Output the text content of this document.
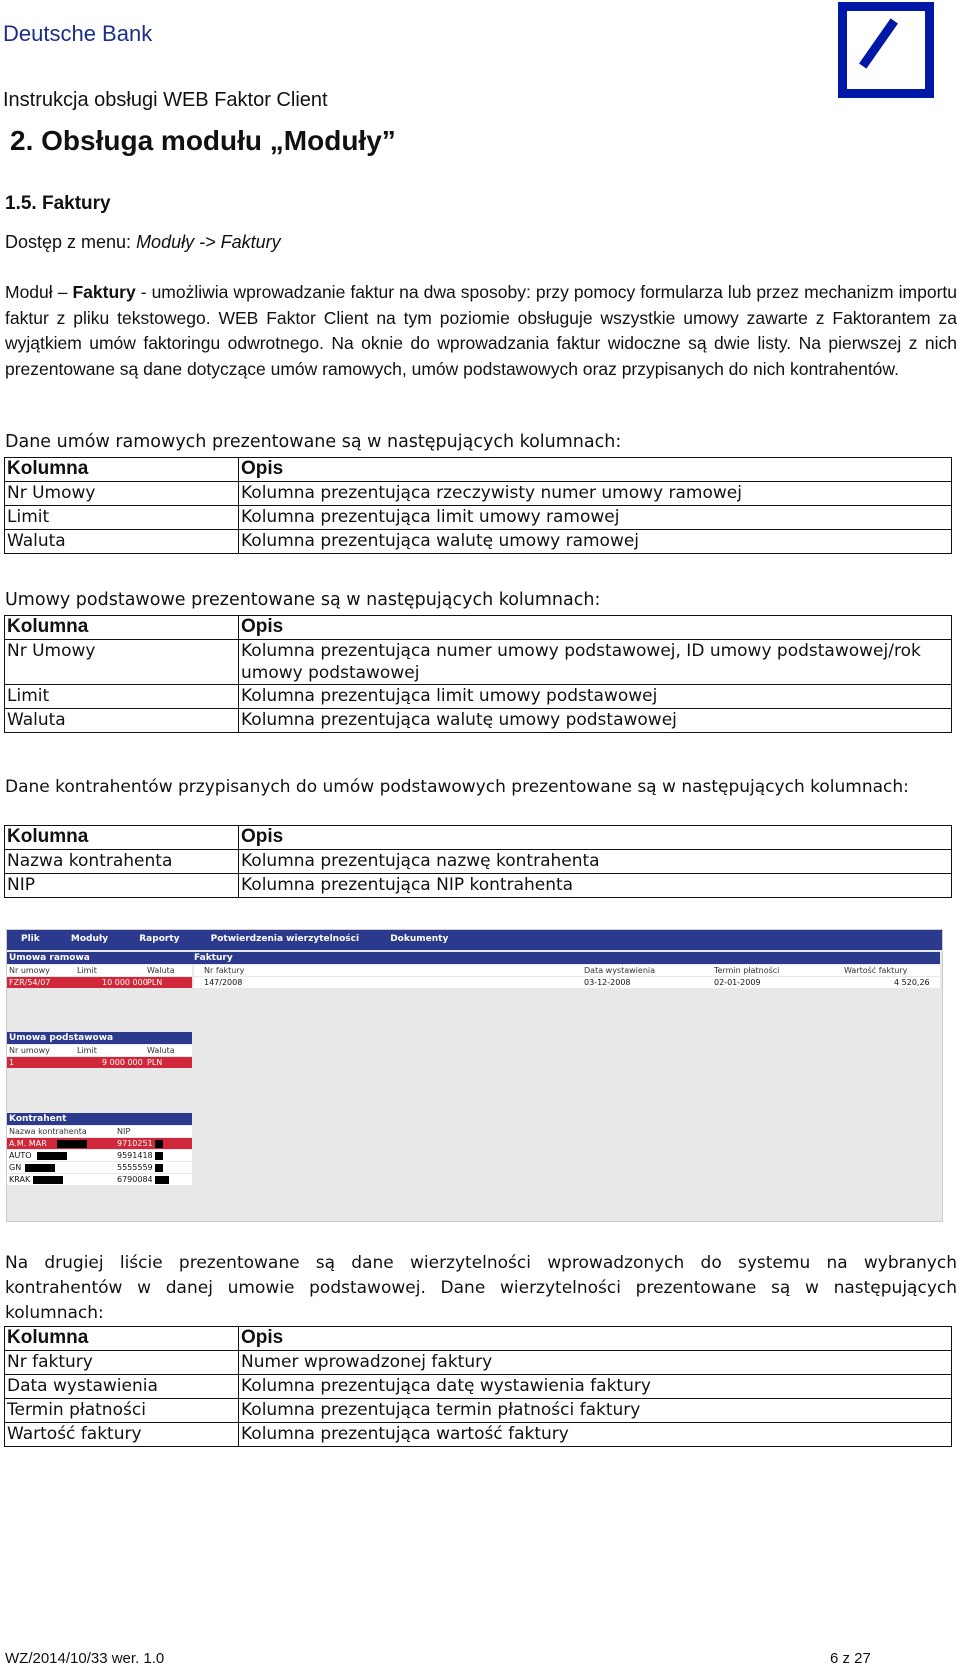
Deutsche Bank
Instrukcja obsługi WEB Faktor Client
2. Obsługa modułu „Moduły”
1.5. Faktury
Dostęp z menu: Moduły -> Faktury
Moduł – Faktury - umożliwia wprowadzanie faktur na dwa sposoby: przy pomocy formularza lub przez mechanizm importu faktur z pliku tekstowego. WEB Faktor Client na tym poziomie obsługuje wszystkie umowy zawarte z Faktorantem za wyjątkiem umów faktoringu odwrotnego. Na oknie do wprowadzania faktur widoczne są dwie listy. Na pierwszej z nich prezentowane są dane dotyczące umów ramowych, umów podstawowych oraz przypisanych do nich kontrahentów.
Dane umów ramowych prezentowane są w następujących kolumnach:
Kolumna	Opis
Nr Umowy	Kolumna prezentująca rzeczywisty numer umowy ramowej
Limit	Kolumna prezentująca limit umowy ramowej
Waluta	Kolumna prezentująca walutę umowy ramowej
Umowy podstawowe prezentowane są w następujących kolumnach:
Kolumna	Opis
Nr Umowy	Kolumna prezentująca numer umowy podstawowej, ID umowy podstawowej/rok umowy podstawowej
Limit	Kolumna prezentująca limit umowy podstawowej
Waluta	Kolumna prezentująca walutę umowy podstawowej
Dane kontrahentów przypisanych do umów podstawowych prezentowane są w następujących kolumnach:
Kolumna	Opis
Nazwa kontrahenta	Kolumna prezentująca nazwę kontrahenta
NIP	Kolumna prezentująca NIP kontrahenta
Plik	Moduły	Raporty	Potwierdzenia wierzytelności	Dokumenty
Umowa ramowa
Nr umowy	Limit	Waluta
FZR/54/07	10 000 000 PLN
Faktury
Nr faktury	Data wystawienia	Termin płatności	Wartość faktury
147/2008	03-12-2008	02-01-2009	4 520,26
Umowa podstawowa
Nr umowy	Limit	Waluta
1	9 000 000 PLN
Kontrahent
Nazwa kontrahenta	NIP
A.M. MAR	9710251
AUTO	9591418
GN	5555559
KRAK	6790084
Na drugiej liście prezentowane są dane wierzytelności wprowadzonych do systemu na wybranych kontrahentów w danej umowie podstawowej. Dane wierzytelności prezentowane są w następujących kolumnach:
Kolumna	Opis
Nr faktury	Numer wprowadzonej faktury
Data wystawienia	Kolumna prezentująca datę wystawienia faktury
Termin płatności	Kolumna prezentująca termin płatności faktury
Wartość faktury	Kolumna prezentująca wartość faktury
WZ/2014/10/33 wer. 1.0	6 z 27
